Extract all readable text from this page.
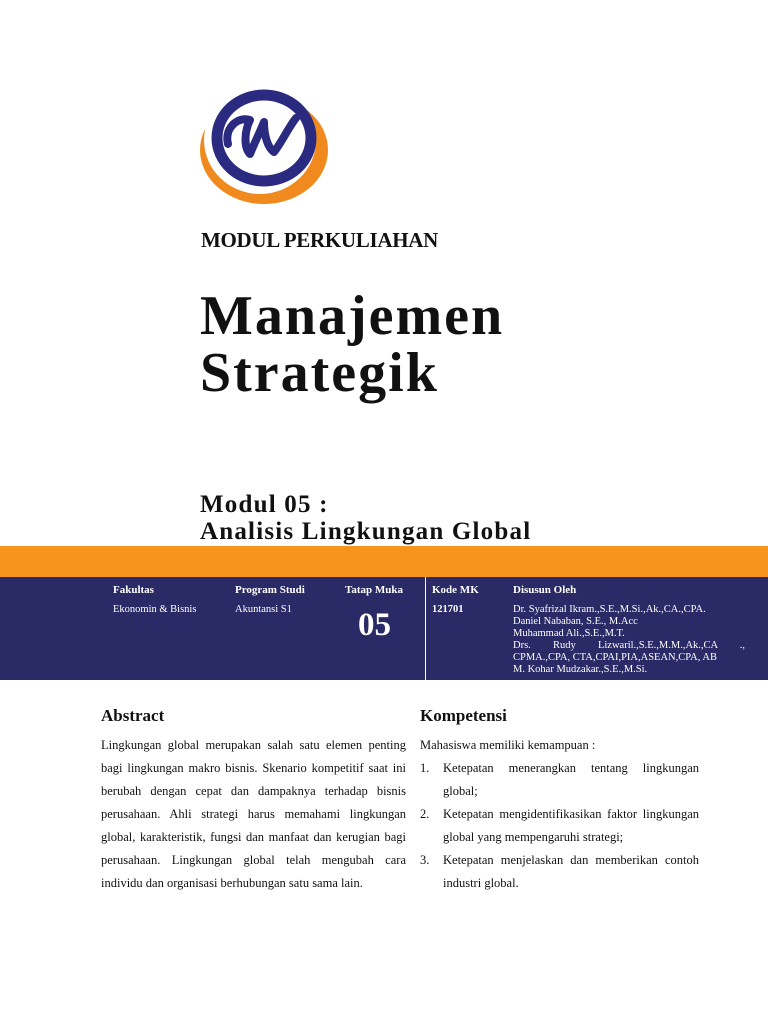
MODUL PERKULIAHAN
Manajemen
Strategik
Modul 05 :
Analisis Lingkungan Global
Fakultas
Ekonomin & Bisnis
Program Studi
Akuntansi S1
Tatap Muka
05
Kode MK
121701
Disusun Oleh
Dr. Syafrizal Ikram.,S.E.,M.Si.,Ak.,CA.,CPA.
Daniel Nababan, S.E., M.Acc
Muhammad Ali.,S.E.,M.T.
Drs. Rudy Lizwaril.,S.E.,M.M.,Ak.,CA .,
CPMA.,CPA, CTA,CPAI,PIA,ASEAN,CPA, AB
M. Kohar Mudzakar.,S.E.,M.Si.
Abstract
Lingkungan global merupakan salah satu elemen penting bagi lingkungan makro bisnis. Skenario kompetitif saat ini berubah dengan cepat dan dampaknya terhadap bisnis perusahaan. Ahli strategi harus memahami lingkungan global, karakteristik, fungsi dan manfaat dan kerugian bagi perusahaan. Lingkungan global telah mengubah cara individu dan organisasi berhubungan satu sama lain.
Kompetensi
Mahasiswa memiliki kemampuan :
1. Ketepatan menerangkan tentang lingkungan global;
2. Ketepatan mengidentifikasikan faktor lingkungan global yang mempengaruhi strategi;
3. Ketepatan menjelaskan dan memberikan contoh industri global.
